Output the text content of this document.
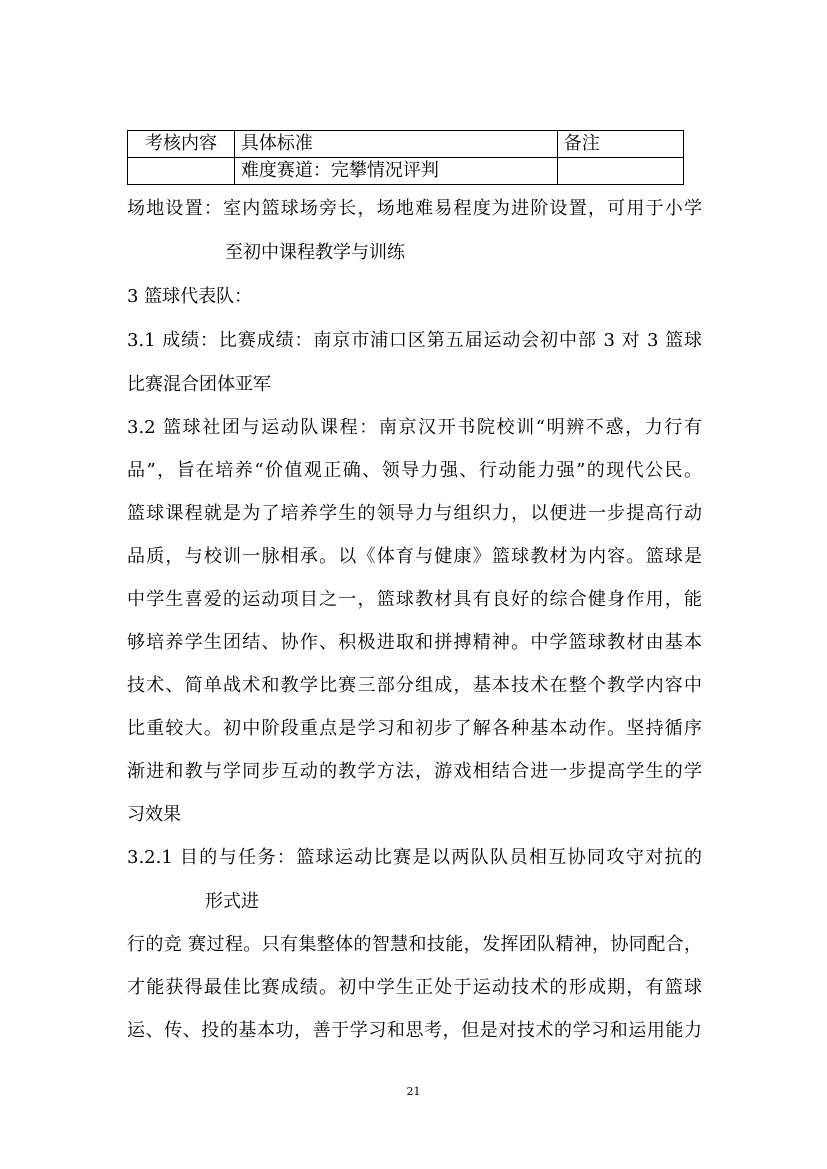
考核内容	具体标准	备注
	难度赛道：完攀情况评判	

场地设置：室内篮球场旁长，场地难易程度为进阶设置，可用于小学

至初中课程教学与训练

3 篮球代表队：

3.1 成绩：比赛成绩：南京市浦口区第五届运动会初中部 3 对 3 篮球

比赛混合团体亚军

3.2 篮球社团与运动队课程：南京汉开书院校训“明辨不惑，力行有

品”，旨在培养“价值观正确、领导力强、行动能力强”的现代公民。

篮球课程就是为了培养学生的领导力与组织力，以便进一步提高行动

品质，与校训一脉相承。以《体育与健康》篮球教材为内容。篮球是

中学生喜爱的运动项目之一，篮球教材具有良好的综合健身作用，能

够培养学生团结、协作、积极进取和拼搏精神。中学篮球教材由基本

技术、简单战术和教学比赛三部分组成，基本技术在整个教学内容中

比重较大。初中阶段重点是学习和初步了解各种基本动作。坚持循序

渐进和教与学同步互动的教学方法，游戏相结合进一步提高学生的学

习效果

3.2.1 目的与任务：篮球运动比赛是以两队队员相互协同攻守对抗的

形式进

行的竞 赛过程。只有集整体的智慧和技能，发挥团队精神，协同配合，

才能获得最佳比赛成绩。初中学生正处于运动技术的形成期，有篮球

运、传、投的基本功，善于学习和思考，但是对技术的学习和运用能力

21
